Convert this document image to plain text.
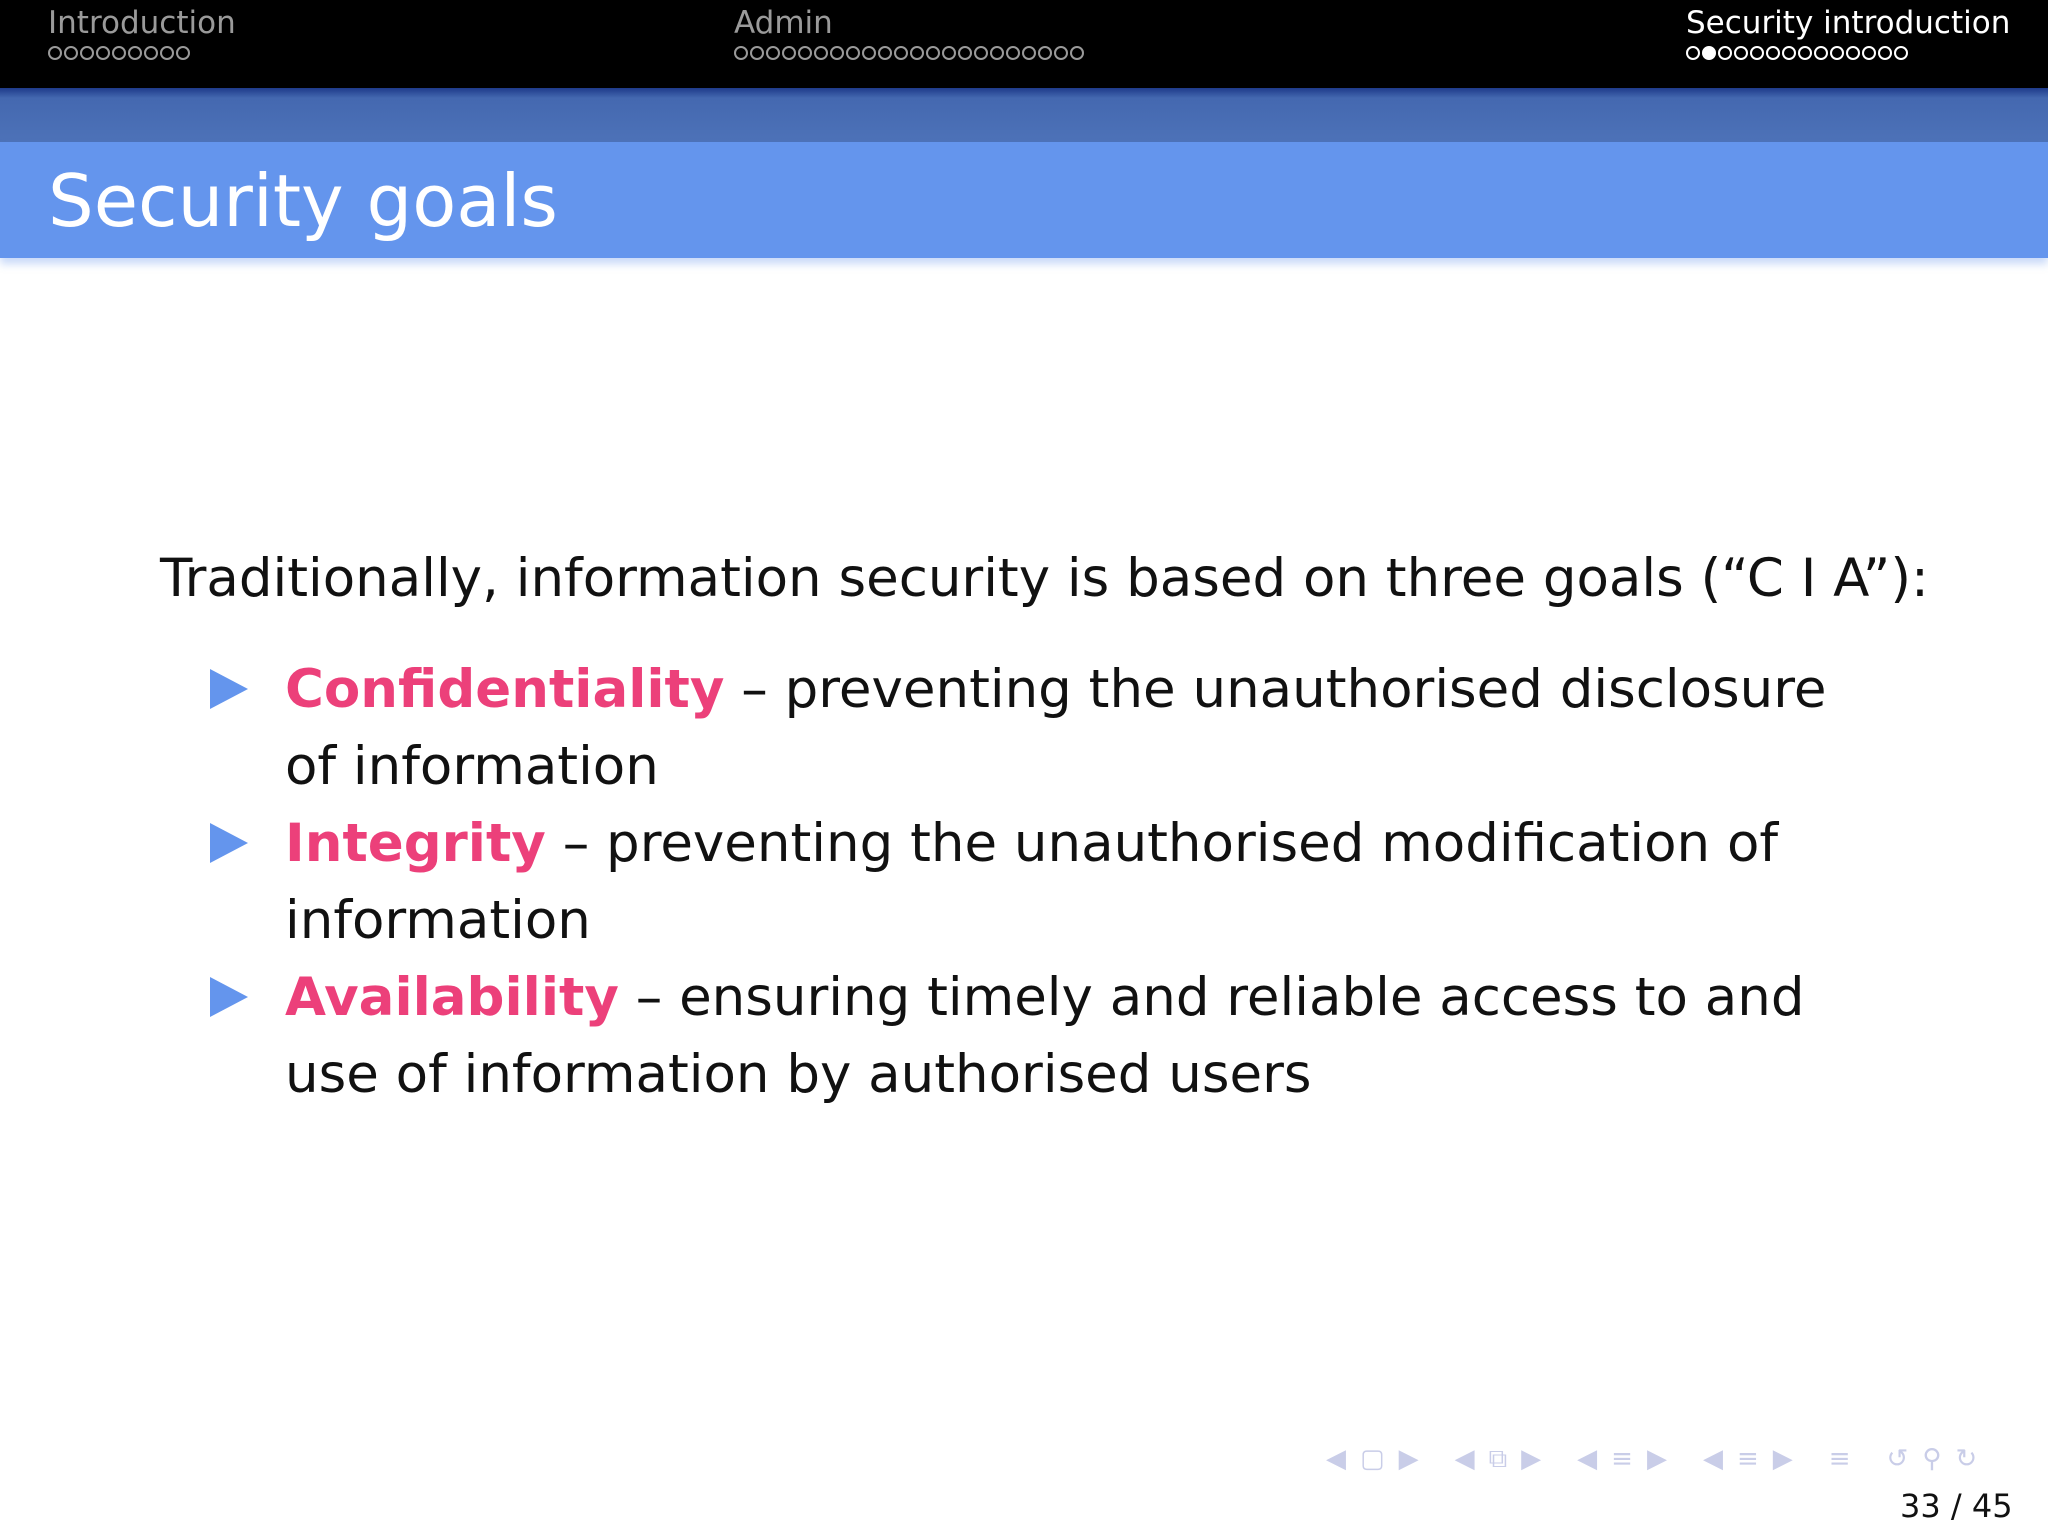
Introduction	Admin	Security introduction
Security goals

Traditionally, information security is based on three goals (“C I A”):

Confidentiality – preventing the unauthorised disclosure of information
Integrity – preventing the unauthorised modification of information
Availability – ensuring timely and reliable access to and use of information by authorised users
◀ ▢ ▶ ◀ ⧉ ▶ ◀ ≡ ▶ ◀ ≡ ▶ ≡ ↺ ⚲ ↻
33 / 45
